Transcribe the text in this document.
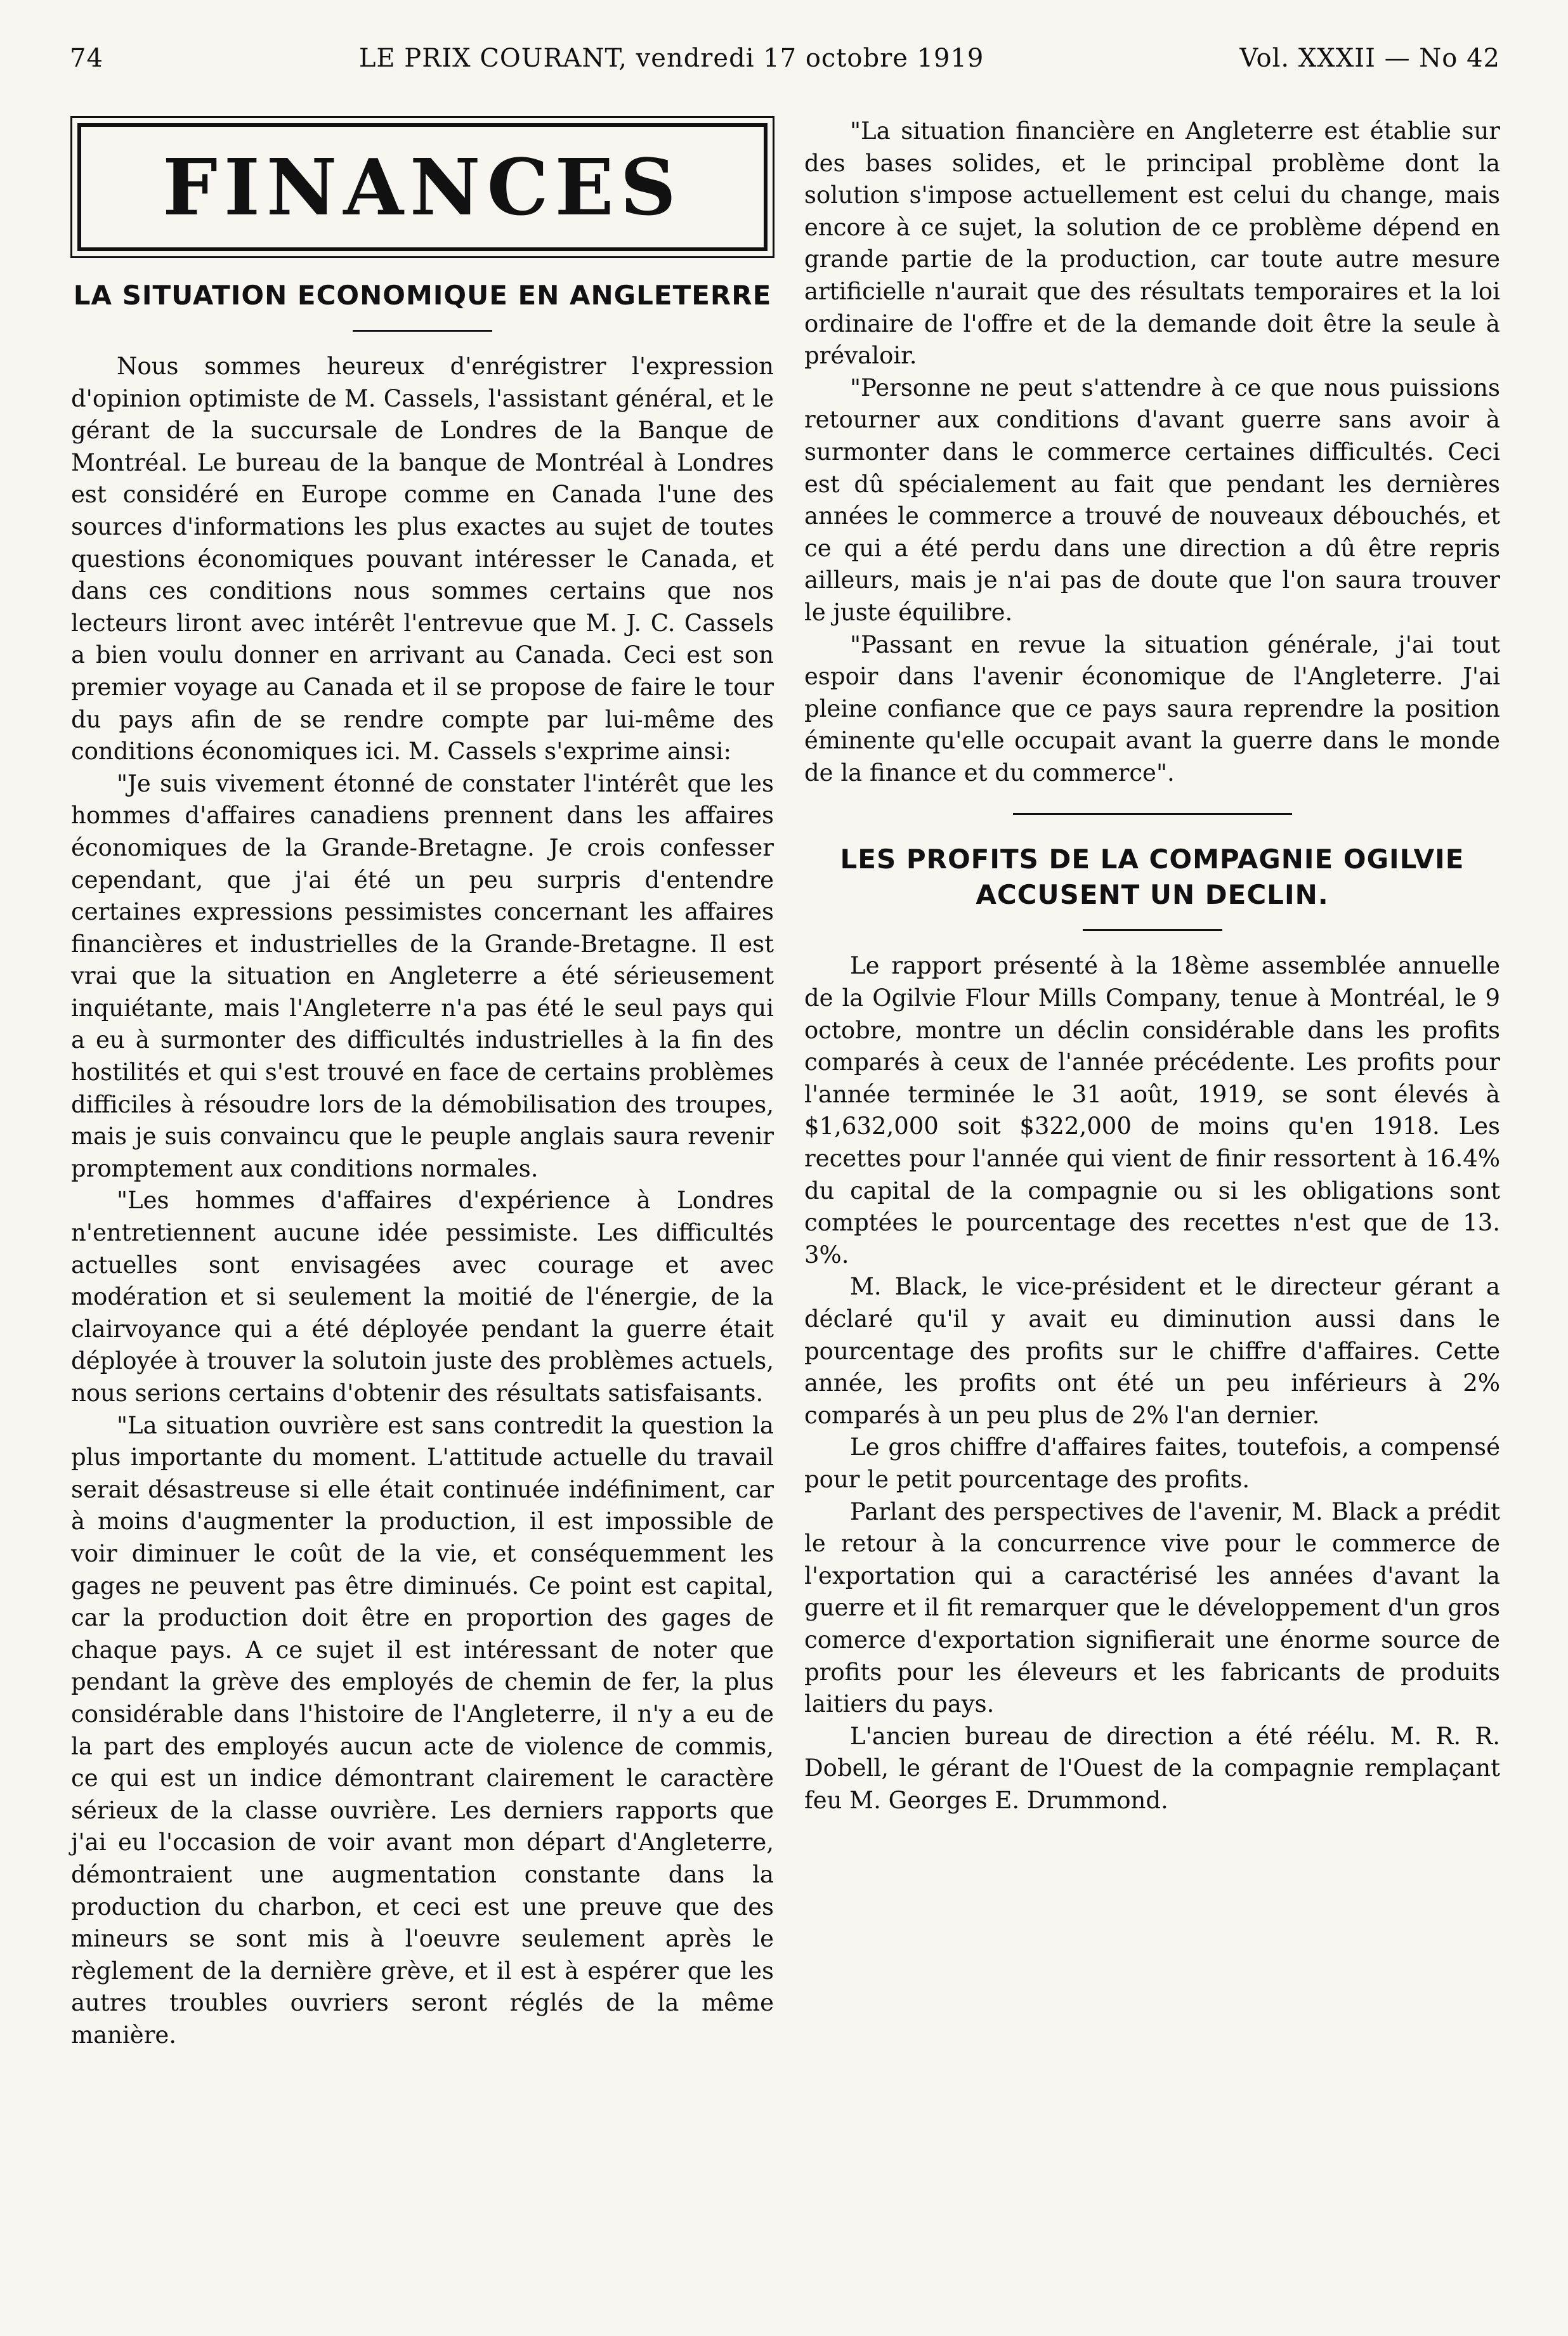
74	LE PRIX COURANT, vendredi 17 octobre 1919	Vol. XXXII — No 42
FINANCES
LA SITUATION ECONOMIQUE EN ANGLETERRE

Nous sommes heureux d'enrégistrer l'expression d'opinion optimiste de M. Cassels, l'assistant général, et le gérant de la succursale de Londres de la Banque de Montréal. Le bureau de la banque de Montréal à Londres est considéré en Europe comme en Canada l'une des sources d'informations les plus exactes au sujet de toutes questions économiques pouvant intéresser le Canada, et dans ces conditions nous sommes certains que nos lecteurs liront avec intérêt l'entrevue que M. J. C. Cassels a bien voulu donner en arrivant au Canada. Ceci est son premier voyage au Canada et il se propose de faire le tour du pays afin de se rendre compte par lui-même des conditions économiques ici. M. Cassels s'exprime ainsi:

"Je suis vivement étonné de constater l'intérêt que les hommes d'affaires canadiens prennent dans les affaires économiques de la Grande-Bretagne. Je crois confesser cependant, que j'ai été un peu surpris d'entendre certaines expressions pessimistes concernant les affaires financières et industrielles de la Grande-Bretagne. Il est vrai que la situation en Angleterre a été sérieusement inquiétante, mais l'Angleterre n'a pas été le seul pays qui a eu à surmonter des difficultés industrielles à la fin des hostilités et qui s'est trouvé en face de certains problèmes difficiles à résoudre lors de la démobilisation des troupes, mais je suis convaincu que le peuple anglais saura revenir promptement aux conditions normales.

"Les hommes d'affaires d'expérience à Londres n'entretiennent aucune idée pessimiste. Les difficultés actuelles sont envisagées avec courage et avec modération et si seulement la moitié de l'énergie, de la clairvoyance qui a été déployée pendant la guerre était déployée à trouver la solutoin juste des problèmes actuels, nous serions certains d'obtenir des résultats satisfaisants.

"La situation ouvrière est sans contredit la question la plus importante du moment. L'attitude actuelle du travail serait désastreuse si elle était continuée indéfiniment, car à moins d'augmenter la production, il est impossible de voir diminuer le coût de la vie, et conséquemment les gages ne peuvent pas être diminués. Ce point est capital, car la production doit être en proportion des gages de chaque pays. A ce sujet il est intéressant de noter que pendant la grève des employés de chemin de fer, la plus considérable dans l'histoire de l'Angleterre, il n'y a eu de la part des employés aucun acte de violence de commis, ce qui est un indice démontrant clairement le caractère sérieux de la classe ouvrière. Les derniers rapports que j'ai eu l'occasion de voir avant mon départ d'Angleterre, démontraient une augmentation constante dans la production du charbon, et ceci est une preuve que des mineurs se sont mis à l'oeuvre seulement après le règlement de la dernière grève, et il est à espérer que les autres troubles ouvriers seront réglés de la même manière.

"La situation financière en Angleterre est établie sur des bases solides, et le principal problème dont la solution s'impose actuellement est celui du change, mais encore à ce sujet, la solution de ce problème dépend en grande partie de la production, car toute autre mesure artificielle n'aurait que des résultats temporaires et la loi ordinaire de l'offre et de la demande doit être la seule à prévaloir.

"Personne ne peut s'attendre à ce que nous puissions retourner aux conditions d'avant guerre sans avoir à surmonter dans le commerce certaines difficultés. Ceci est dû spécialement au fait que pendant les dernières années le commerce a trouvé de nouveaux débouchés, et ce qui a été perdu dans une direction a dû être repris ailleurs, mais je n'ai pas de doute que l'on saura trouver le juste équilibre.

"Passant en revue la situation générale, j'ai tout espoir dans l'avenir économique de l'Angleterre. J'ai pleine confiance que ce pays saura reprendre la position éminente qu'elle occupait avant la guerre dans le monde de la finance et du commerce".

LES PROFITS DE LA COMPAGNIE OGILVIE ACCUSENT UN DECLIN.

Le rapport présenté à la 18ème assemblée annuelle de la Ogilvie Flour Mills Company, tenue à Montréal, le 9 octobre, montre un déclin considérable dans les profits comparés à ceux de l'année précédente. Les profits pour l'année terminée le 31 août, 1919, se sont élevés à $1,632,000 soit $322,000 de moins qu'en 1918. Les recettes pour l'année qui vient de finir ressortent à 16.4% du capital de la compagnie ou si les obligations sont comptées le pourcentage des recettes n'est que de 13. 3%.

M. Black, le vice-président et le directeur gérant a déclaré qu'il y avait eu diminution aussi dans le pourcentage des profits sur le chiffre d'affaires. Cette année, les profits ont été un peu inférieurs à 2% comparés à un peu plus de 2% l'an dernier.

Le gros chiffre d'affaires faites, toutefois, a compensé pour le petit pourcentage des profits.

Parlant des perspectives de l'avenir, M. Black a prédit le retour à la concurrence vive pour le commerce de l'exportation qui a caractérisé les années d'avant la guerre et il fit remarquer que le développement d'un gros comerce d'exportation signifierait une énorme source de profits pour les éleveurs et les fabricants de produits laitiers du pays.

L'ancien bureau de direction a été réélu. M. R. R. Dobell, le gérant de l'Ouest de la compagnie remplaçant feu M. Georges E. Drummond.
